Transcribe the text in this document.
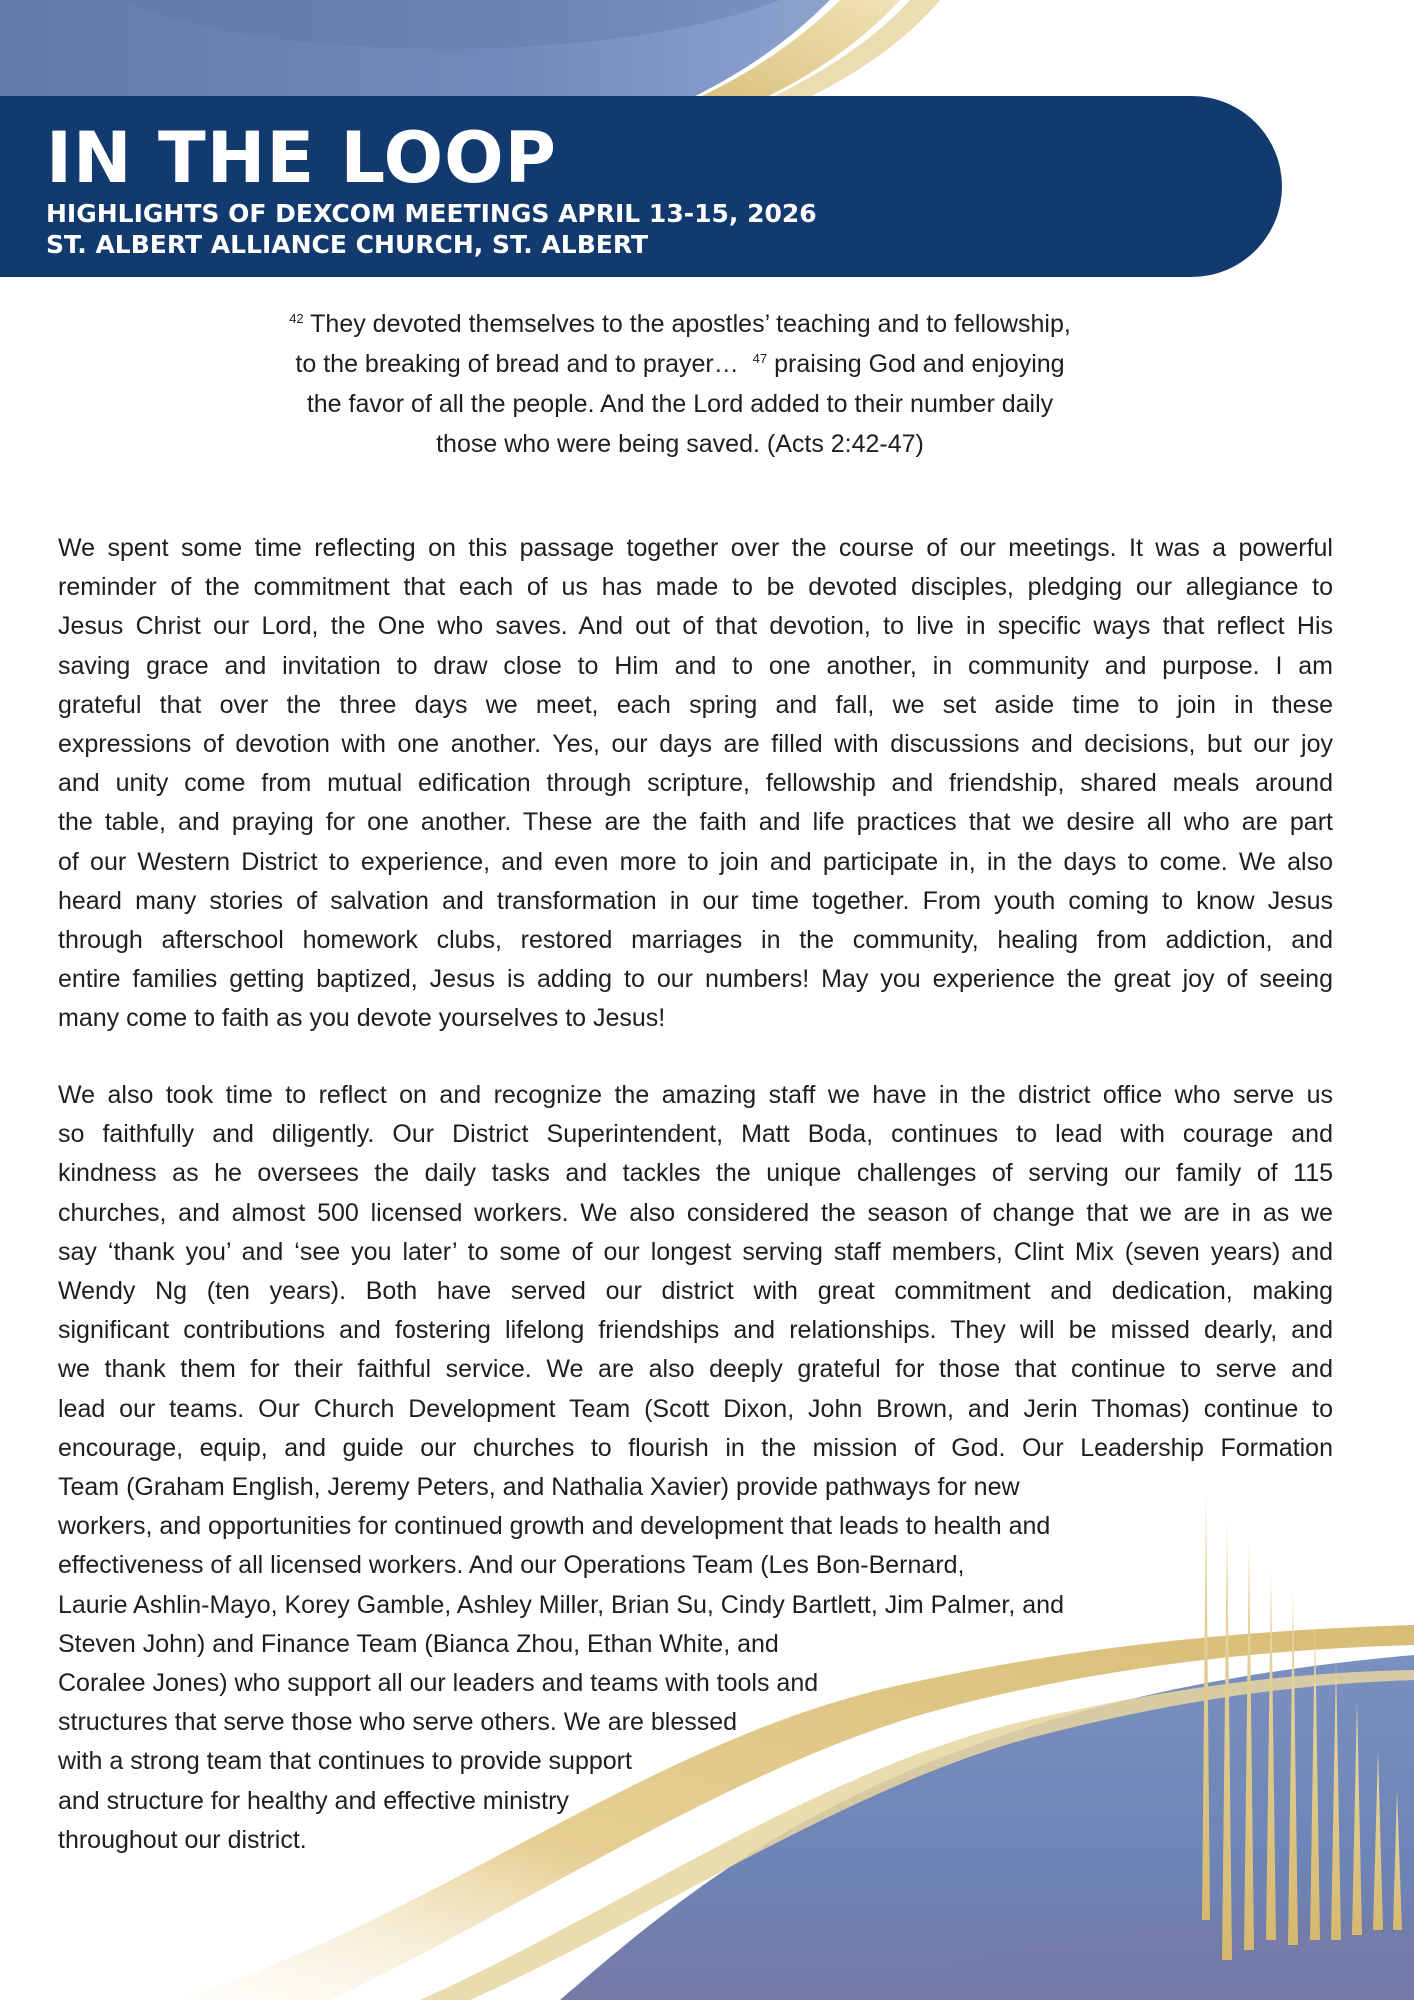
IN THE LOOP
HIGHLIGHTS OF DEXCOM MEETINGS APRIL 13-15, 2026
ST. ALBERT ALLIANCE CHURCH, ST. ALBERT
$^{42}$ They devoted themselves to the apostles’ teaching and to fellowship,
to the breaking of bread and to prayer… $^{47}$ praising God and enjoying
the favor of all the people. And the Lord added to their number daily
those who were being saved. (Acts 2:42-47)
We spent some time reflecting on this passage together over the course of our meetings. It was a powerful
reminder of the commitment that each of us has made to be devoted disciples, pledging our allegiance to
Jesus Christ our Lord, the One who saves. And out of that devotion, to live in specific ways that reflect His
saving grace and invitation to draw close to Him and to one another, in community and purpose. I am
grateful that over the three days we meet, each spring and fall, we set aside time to join in these
expressions of devotion with one another. Yes, our days are filled with discussions and decisions, but our joy
and unity come from mutual edification through scripture, fellowship and friendship, shared meals around
the table, and praying for one another. These are the faith and life practices that we desire all who are part
of our Western District to experience, and even more to join and participate in, in the days to come. We also
heard many stories of salvation and transformation in our time together. From youth coming to know Jesus
through afterschool homework clubs, restored marriages in the community, healing from addiction, and
entire families getting baptized, Jesus is adding to our numbers! May you experience the great joy of seeing
many come to faith as you devote yourselves to Jesus!
We also took time to reflect on and recognize the amazing staff we have in the district office who serve us
so faithfully and diligently. Our District Superintendent, Matt Boda, continues to lead with courage and
kindness as he oversees the daily tasks and tackles the unique challenges of serving our family of 115
churches, and almost 500 licensed workers. We also considered the season of change that we are in as we
say ‘thank you’ and ‘see you later’ to some of our longest serving staff members, Clint Mix (seven years) and
Wendy Ng (ten years). Both have served our district with great commitment and dedication, making
significant contributions and fostering lifelong friendships and relationships. They will be missed dearly, and
we thank them for their faithful service. We are also deeply grateful for those that continue to serve and
lead our teams. Our Church Development Team (Scott Dixon, John Brown, and Jerin Thomas) continue to
encourage, equip, and guide our churches to flourish in the mission of God. Our Leadership Formation
Team (Graham English, Jeremy Peters, and Nathalia Xavier) provide pathways for new
workers, and opportunities for continued growth and development that leads to health and
effectiveness of all licensed workers. And our Operations Team (Les Bon-Bernard,
Laurie Ashlin-Mayo, Korey Gamble, Ashley Miller, Brian Su, Cindy Bartlett, Jim Palmer, and
Steven John) and Finance Team (Bianca Zhou, Ethan White, and
Coralee Jones) who support all our leaders and teams with tools and
structures that serve those who serve others. We are blessed
with a strong team that continues to provide support
and structure for healthy and effective ministry
throughout our district.
